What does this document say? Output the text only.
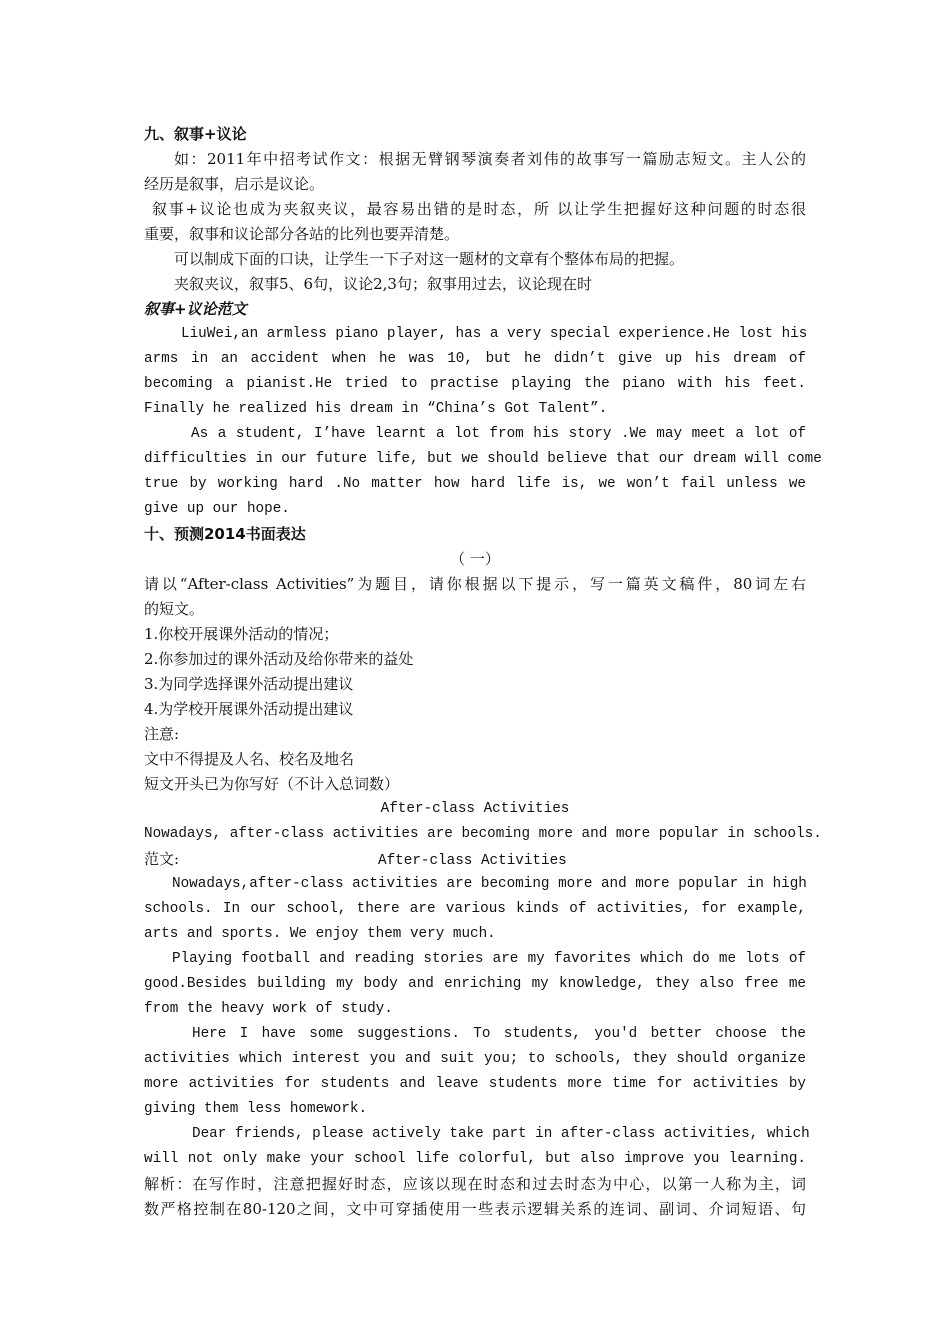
九、叙事+议论

如：2011年中招考试作文：根据无臂钢琴演奏者刘伟的故事写一篇励志短文。主人公的

经历是叙事，启示是议论。

叙事+议论也成为夹叙夹议，最容易出错的是时态，所 以让学生把握好这种问题的时态很

重要，叙事和议论部分各站的比列也要弄清楚。

可以制成下面的口诀，让学生一下子对这一题材的文章有个整体布局的把握。

夹叙夹议，叙事5、6句，议论2,3句；叙事用过去，议论现在时

叙事+议论范文

LiuWei,an armless piano player, has a very special experience.He lost his

arms in an accident when he was 10, but he didn’t give up his dream of

becoming a pianist.He tried to practise playing the piano with his feet.

Finally he realized his dream in “China’s Got Talent”.

As a student, I’have learnt a lot from his story .We may meet a lot of

difficulties in our future life, but we should believe that our dream will come

true by working hard .No matter how hard life is, we won’t fail unless we

give up our hope.

十、预测2014书面表达

（ 一）

请以“After-class Activities”为题目，请你根据以下提示，写一篇英文稿件，80词左右

的短文。

1.你校开展课外活动的情况；

2.你参加过的课外活动及给你带来的益处

3.为同学选择课外活动提出建议

4.为学校开展课外活动提出建议

注意:

文中不得提及人名、校名及地名

短文开头已为你写好（不计入总词数）

After-class Activities

Nowadays, after-class activities are becoming more and more popular in schools.

范文:	After-class Activities

Nowadays,after-class activities are becoming more and more popular in high

schools. In our school, there are various kinds of activities, for example,

arts and sports. We enjoy them very much.

Playing football and reading stories are my favorites which do me lots of

good.Besides building my body and enriching my knowledge, they also free me

from the heavy work of study.

Here I have some suggestions. To students, you'd better choose the

activities which interest you and suit you; to schools, they should organize

more activities for students and leave students more time for activities by

giving them less homework.

Dear friends, please actively take part in after-class activities, which

will not only make your school life colorful, but also improve you learning.

解析：在写作时，注意把握好时态，应该以现在时态和过去时态为中心，以第一人称为主，词

数严格控制在80-120之间，文中可穿插使用一些表示逻辑关系的连词、副词、介词短语、句
